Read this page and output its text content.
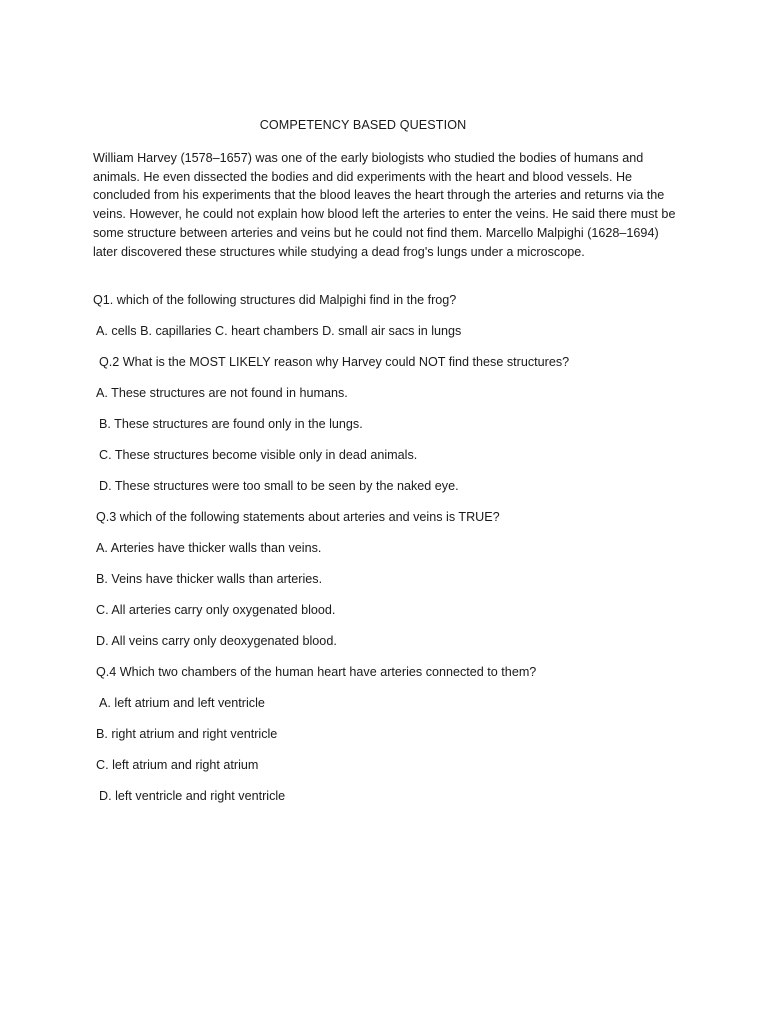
COMPETENCY BASED QUESTION

William Harvey (1578–1657) was one of the early biologists who studied the bodies of humans and animals. He even dissected the bodies and did experiments with the heart and blood vessels. He concluded from his experiments that the blood leaves the heart through the arteries and returns via the veins. However, he could not explain how blood left the arteries to enter the veins. He said there must be some structure between arteries and veins but he could not find them. Marcello Malpighi (1628–1694) later discovered these structures while studying a dead frog's lungs under a microscope.

Q1. which of the following structures did Malpighi find in the frog?
A. cells B. capillaries C. heart chambers D. small air sacs in lungs
Q.2 What is the MOST LIKELY reason why Harvey could NOT find these structures?
A. These structures are not found in humans.
B. These structures are found only in the lungs.
C. These structures become visible only in dead animals.
D. These structures were too small to be seen by the naked eye.
Q.3 which of the following statements about arteries and veins is TRUE?
A. Arteries have thicker walls than veins.
B. Veins have thicker walls than arteries.
C. All arteries carry only oxygenated blood.
D. All veins carry only deoxygenated blood.
Q.4 Which two chambers of the human heart have arteries connected to them?
A. left atrium and left ventricle
B. right atrium and right ventricle
C. left atrium and right atrium
D. left ventricle and right ventricle
